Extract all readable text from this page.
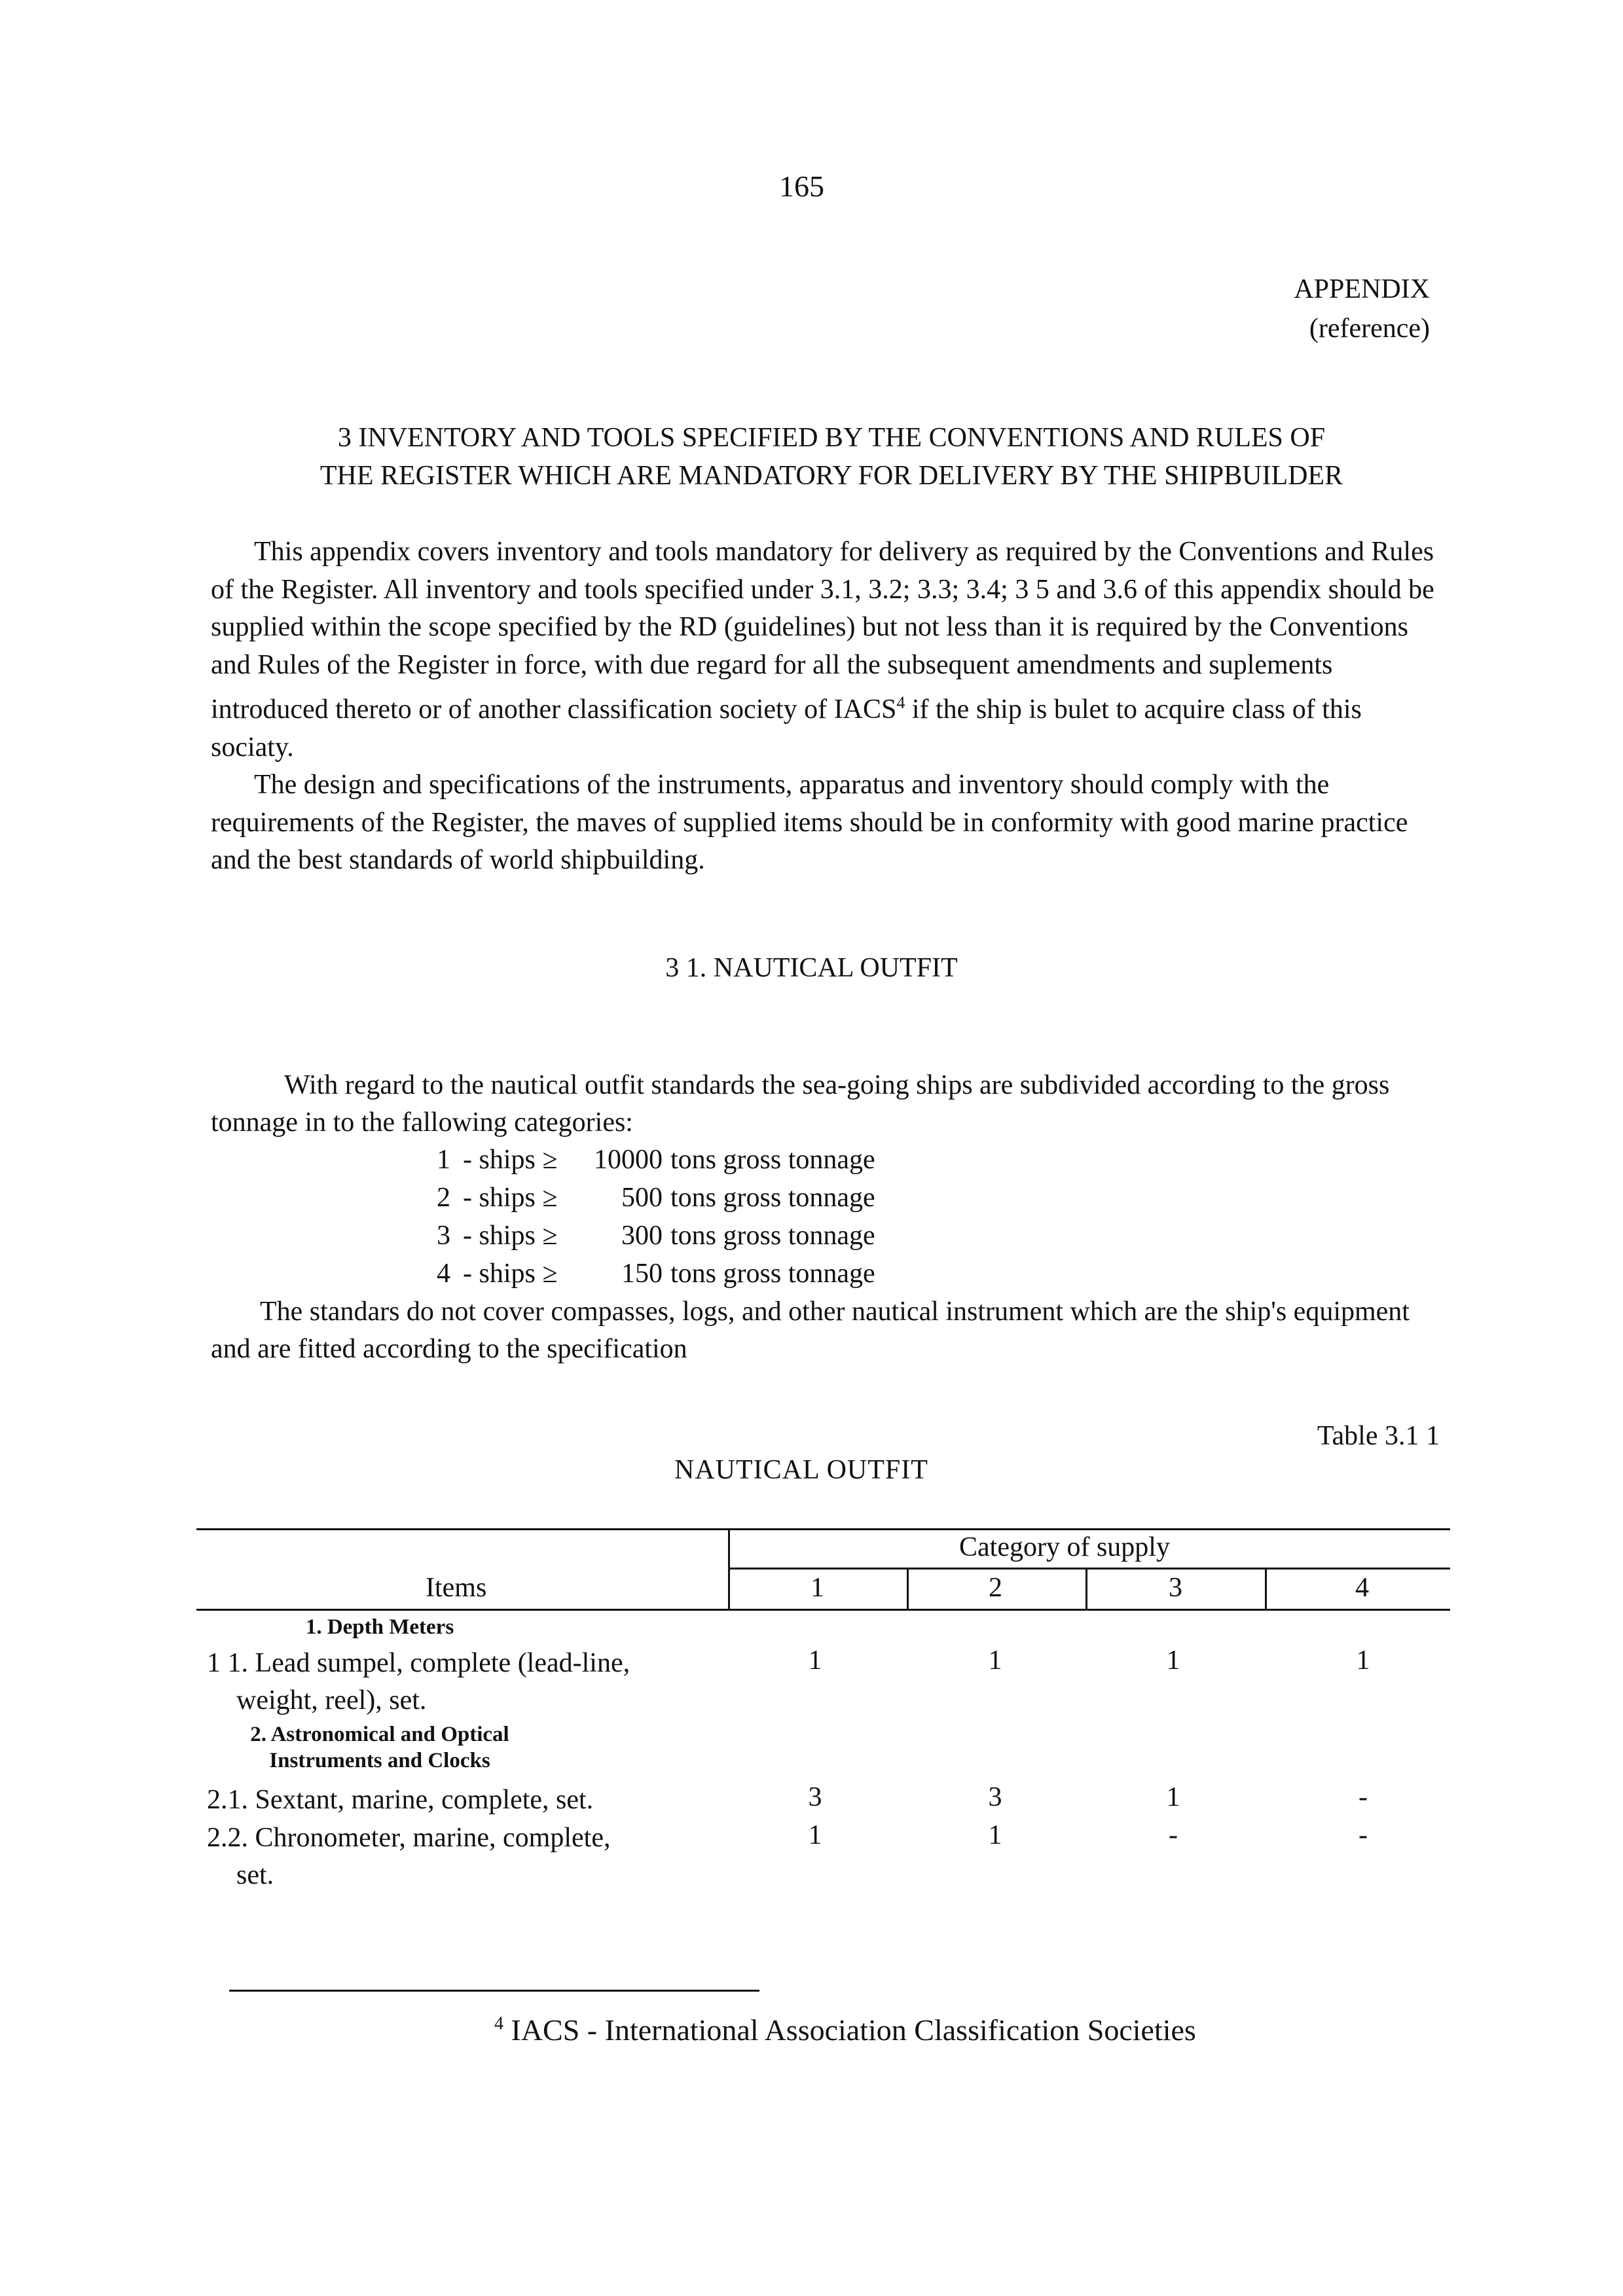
165
APPENDIX
(reference)
3 INVENTORY AND TOOLS SPECIFIED BY THE CONVENTIONS AND RULES OF
THE REGISTER WHICH ARE MANDATORY FOR DELIVERY BY THE SHIPBUILDER

This appendix covers inventory and tools mandatory for delivery as required by the Conventions and Rules of the Register. All inventory and tools specified under 3.1, 3.2; 3.3; 3.4; 3 5 and 3.6 of this appendix should be supplied within the scope specified by the RD (guidelines) but not less than it is required by the Conventions and Rules of the Register in force, with due regard for all the subsequent amendments and suplements introduced thereto or of another classification society of IACS$^4$ if the ship is bulet to acquire class of this sociaty.

The design and specifications of the instruments, apparatus and inventory should comply with the requirements of the Register, the maves of supplied items should be in conformity with good marine practice and the best standards of world shipbuilding.

3 1. NAUTICAL OUTFIT

With regard to the nautical outfit standards the sea-going ships are subdivided according to the gross tonnage in to the fallowing categories:

1 - ships ≥ 10000 tons gross tonnage
2 - ships ≥ 500 tons gross tonnage
3 - ships ≥ 300 tons gross tonnage
4 - ships ≥ 150 tons gross tonnage

The standars do not cover compasses, logs, and other nautical instrument which are the ship's equipment and are fitted according to the specification

Table 3.1 1
NAUTICAL OUTFIT
Category of supply
Items	1	2	3	4
1. Depth Meters
1 1. Lead sumpel, complete (lead-line,
weight, reel), set.
1	1	1	1
2. Astronomical and Optical
Instruments and Clocks
2.1. Sextant, marine, complete, set.	3	3	1	-
2.2. Chronometer, marine, complete,
set.
1	1	-	-
$^4$ IACS - International Association Classification Societies
